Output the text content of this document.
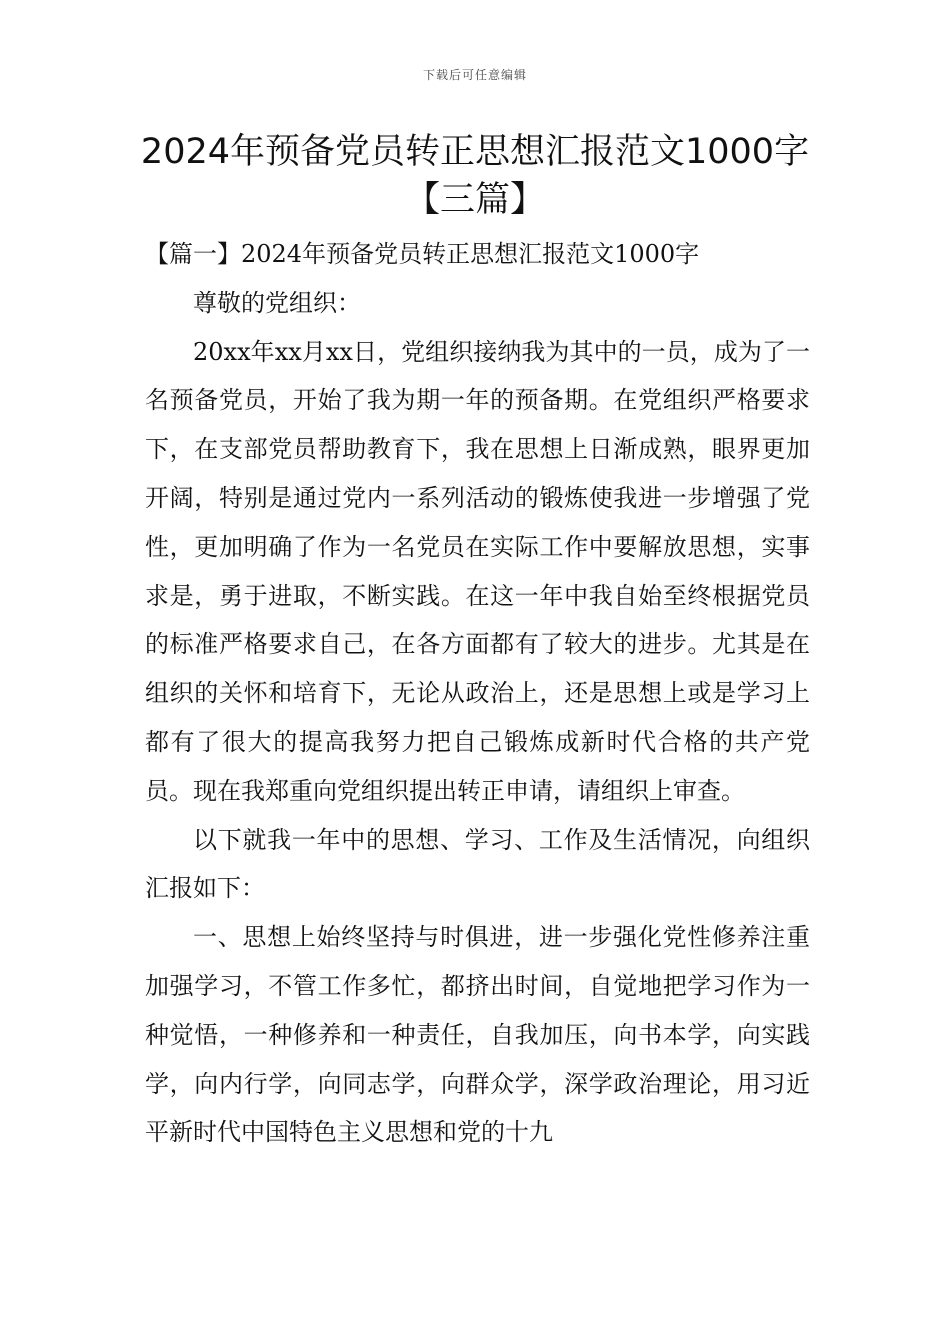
下载后可任意编辑
2024年预备党员转正思想汇报范文1000字
【三篇】

【篇一】2024年预备党员转正思想汇报范文1000字

尊敬的党组织：

20xx年xx月xx日，党组织接纳我为其中的一员，成为了一名预备党员，开始了我为期一年的预备期。在党组织严格要求下，在支部党员帮助教育下，我在思想上日渐成熟，眼界更加开阔，特别是通过党内一系列活动的锻炼使我进一步增强了党性，更加明确了作为一名党员在实际工作中要解放思想，实事求是，勇于进取，不断实践。在这一年中我自始至终根据党员的标准严格要求自己，在各方面都有了较大的进步。尤其是在组织的关怀和培育下，无论从政治上，还是思想上或是学习上都有了很大的提高我努力把自己锻炼成新时代合格的共产党员。现在我郑重向党组织提出转正申请，请组织上审查。

以下就我一年中的思想、学习、工作及生活情况，向组织汇报如下：

一、思想上始终坚持与时俱进，进一步强化党性修养注重加强学习，不管工作多忙，都挤出时间，自觉地把学习作为一种觉悟，一种修养和一种责任，自我加压，向书本学，向实践学，向内行学，向同志学，向群众学，深学政治理论，用习近平新时代中国特色主义思想和党的十九
